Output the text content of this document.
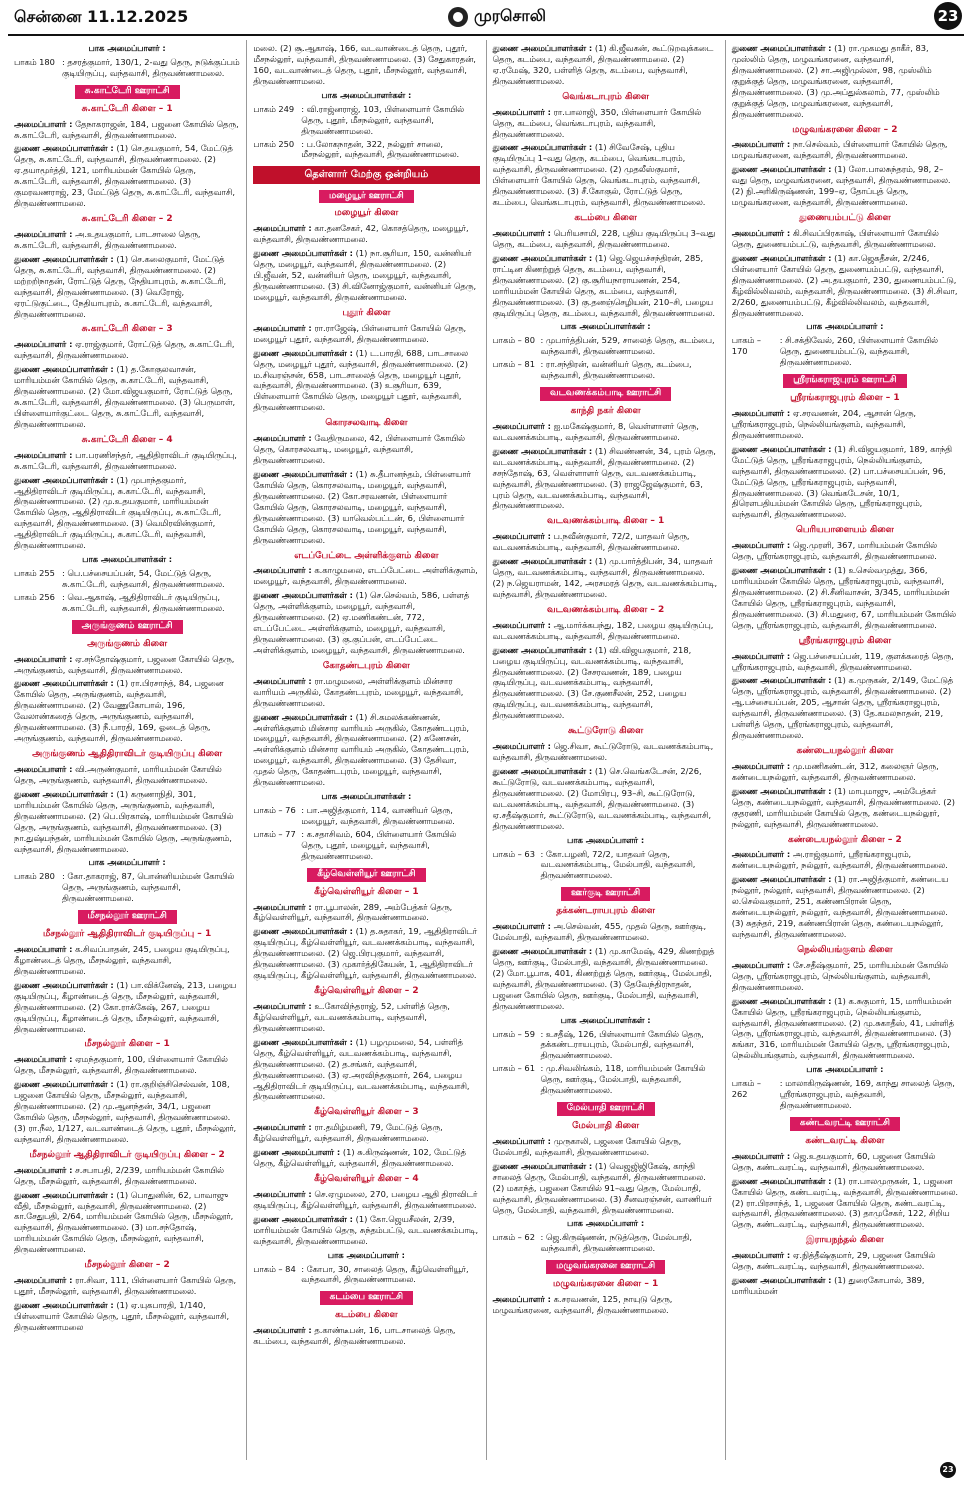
சென்னை 11.12.2025	முரசொலி	23
பாக அமைப்பாளர் :
பாகம் 180 : தசரத்குமார், 130/1, 2-வது தெரு, நடுக்குப்பம் குடியிருப்பு, வந்தவாசி, திருவண்ணாமலை.
சு.காட்டேரி ஊராட்சி
சு.காட்டேரி கிளை – 1
அமைப்பாளர் : தேநாகராஜன், 184, பஜனை கோயில் தெரு, சு.காட்டேரி, வந்தவாசி, திருவண்ணாமலை.
துணை அமைப்பாளர்கள் : (1) செ.தயகுமார், 54, மேட்டுத் தெரு, சு.காட்டேரி, வந்தவாசி, திருவண்ணாமலை. (2) ஏ.தயாமூர்த்தி, 121, மாரியம்மன் கோயில் தெரு, சு.காட்டேரி, வந்தவாசி, திருவண்ணாமலை. (3) குமரவணராஜ், 23, மேட்டுத் தெரு, சு.காட்டேரி, வந்தவாசி, திருவண்ணாமலை.
சு.காட்டேரி கிளை – 2
அமைப்பாளர் : அ.உதயகுமார், பாடசாலை தெரு, சு.காட்டேரி, வந்தவாசி, திருவண்ணாமலை.
துணை அமைப்பாளர்கள் : (1) செ.கலைகுமார், மேட்டுத் தெரு, சு.காட்டேரி, வந்தவாசி, திருவண்ணாமலை. (2) மற்றறிநாதன், ரோட்டுத் தெரு, நேதியாபுரம், சு.காட்டேரி, வந்தவாசி, திருவண்ணாமலை. (3) வெரோஜ், ஏரட்டுகுட்டை, நேதியாபுரம், சு.காட்டேரி, வந்தவாசி, திருவண்ணாமலை.
சு.காட்டேரி கிளை – 3
அமைப்பாளர் : ஏ.ராஜ்குமார், ரோட்டுத் தெரு, சு.காட்டேரி, வந்தவாசி, திருவண்ணாமலை.
துணை அமைப்பாளர்கள் : (1) த.கோகுலவாசன், மாரியம்மன் கோயில் தெரு, சு.காட்டேரி, வந்தவாசி, திருவண்ணாமலை. (2) மோ.விஜயகுமார், ரோட்டுத் தெரு, சு.காட்டேரி, வந்தவாசி, திருவண்ணாமலை. (3) பெருமாள், பிள்ளையார்குட்டை தெரு, சு.காட்டேரி, வந்தவாசி, திருவண்ணாமலை.
சு.காட்டேரி கிளை – 4
அமைப்பாளர் : பா.பரணிசந்தர், ஆதிதிராவிடர் குடியிருப்பு, சு.காட்டேரி, வந்தவாசி, திருவண்ணாமலை.
துணை அமைப்பாளர்கள் : (1) முபாந்தகுமார், ஆதிதிராவிடர் குடியிருப்பு, சு.காட்டேரி, வந்தவாசி, திருவண்ணாமலை. (2) மு.உதயகுமார், மாரியம்மன் கோயில் தெரு, ஆதிதிராவிடர் குடியிருப்பு, சு.காட்டேரி, வந்தவாசி, திருவண்ணாமலை. (3) வெமிரவின்குமார், ஆதிதிராவிடர் குடியிருப்பு, சு.காட்டேரி, வந்தவாசி, திருவண்ணாமலை.
பாக அமைப்பாளர்கள் :
பாகம் 255 : பெ.பச்சையப்பன், 54, மேட்டுத் தெரு, சு.காட்டேரி, வந்தவாசி, திருவண்ணாமலை.
பாகம் 256 : வெ.ஆகாஷ், ஆதிதிராவிடர் குடியிருப்பு, சு.காட்டேரி, வந்தவாசி, திருவண்ணாமலை.
அருங்குணம் ஊராட்சி
அருங்குணம் கிளை
அமைப்பாளர் : ஏ.சந்தோஷ்குமார், பஜனை கோயில் தெரு, அருங்குணம், வந்தவாசி, திருவண்ணாமலை.
துணை அமைப்பாளர்கள் : (1) ரா.பிரசாந்த், 84, பஜனை கோயில் தெரு, அருங்குணம், வந்தவாசி, திருவண்ணாமலை. (2) வேணுகோபால், 196, வேலாண்கரைத் தெரு, அருங்குணம், வந்தவாசி, திருவண்ணாமலை. (3) நீ.பாரதி, 169, ஓடைத் தெரு, அருங்குணம், வந்தவாசி, திருவண்ணாமலை.
அருங்குணம் ஆதிதிராவிடர் குடியிருப்பு கிளை
அமைப்பாளர் : வி.அருண்குமார், மாரியம்மன் கோயில் தெரு, அருங்குணம், வந்தவாசி, திருவண்ணாமலை.
துணை அமைப்பாளர்கள் : (1) கருணாநிதி, 301, மாரியம்மன் கோயில் தெரு, அருங்குணம், வந்தவாசி, திருவண்ணாமலை. (2) பெ.பிரகாஷ், மாரியம்மன் கோயில் தெரு, அருங்குணம், வந்தவாசி, திருவண்ணாமலை. (3) நா.துஷ்யந்தன், மாரியம்மன் கோயில் தெரு, அருங்குணம், வந்தவாசி, திருவண்ணாமலை.
பாக அமைப்பாளர் :
பாகம் 280 : கோ.தாகராஜ், 87, பொன்னியம்மன் கோயில் தெரு, அருங்குணம், வந்தவாசி, திருவண்ணாமலை.
மீசநல்லூர் ஊராட்சி
மீசநல்லூர் ஆதிதிராவிடர் குடியிருப்பு – 1
அமைப்பாளர் : க.சிவப்பாதன், 245, பழைய குடியிருப்பு, கீழாண்டைத் தெரு, மீசநல்லூர், வந்தவாசி, திருவண்ணாமலை.
துணை அமைப்பாளர்கள் : (1) பா.விக்னேஷ், 213, பழைய குடியிருப்பு, கீழாண்டைத் தெரு, மீசநல்லூர், வந்தவாசி, திருவண்ணாமலை. (2) கோ.ராக்கேஷ், 267, பழைய குடியிருப்பு, கீழாண்டைத் தெரு, மீசநல்லூர், வந்தவாசி, திருவண்ணாமலை.
மீசநல்லூர் கிளை – 1
அமைப்பாளர் : ஏமந்தகுமார், 100, பிள்ளையார் கோயில் தெரு, மீசநல்லூர், வந்தவாசி, திருவண்ணாமலை.
துணை அமைப்பாளர்கள் : (1) ரா.குறிஞ்சிசெல்வன், 108, பஜனை கோயில் தெரு, மீசநல்லூர், வந்தவாசி, திருவண்ணாமலை. (2) மு.ஆனந்தன், 34/1, பஜனை கோயில் தெரு, மீசநல்லூர், வந்தவாசி, திருவண்ணாமலை. (3) ரா.நீல, 1/127, வடவாண்டைத் தெரு, புதூர், மீசநல்லூர், வந்தவாசி, திருவண்ணாமலை.
மீசநல்லூர் ஆதிதிராவிடர் குடியிருப்பு கிளை – 2
அமைப்பாளர் : ச.சபாபதி, 2/239, மாரியம்மன் கோயில் தெரு, மீசநல்லூர், வந்தவாசி, திருவண்ணாமலை.
துணை அமைப்பாளர்கள் : (1) பொதுனின், 62, பாவாஜு வீதி, மீசநல்லூர், வந்தவாசி, திருவண்ணாமலை. (2) கா.சேதுபதி, 2/64, மாரியம்மன் கோயில் தெரு, மீசநல்லூர், வந்தவாசி, திருவண்ணாமலை. (3) மா.சந்தோஷ், மாரியம்மன் கோயில் தெரு, மீசநல்லூர், வந்தவாசி, திருவண்ணாமலை.
மீசநல்லூர் கிளை – 2
அமைப்பாளர் : ரா.சிவா, 111, பிள்ளையார் கோயில் தெரு, புதூர், மீசநல்லூர், வந்தவாசி, திருவண்ணாமலை.
துணை அமைப்பாளர்கள் : (1) ஏ.யுகபாரதி, 1/140, பிள்ளையார் கோயில் தெரு, புதூர், மீசநல்லூர், வந்தவாசி, திருவண்ணாமலை
மலை. (2) சூ.ஆகாஷ், 166, வடவாண்டைத் தெரு, புதூர், மீசநல்லூர், வந்தவாசி, திருவண்ணாமலை. (3) சேதுகாரதன், 160, வடவாண்டைத் தெரு, புதூர், மீசநல்லூர், வந்தவாசி, திருவண்ணாமலை.
பாக அமைப்பாளர்கள் :
பாகம் 249 : வி.ராஜ்னராஜ், 103, பிள்ளையார் கோயில் தெரு, புதூர், மீசநல்லூர், வந்தவாசி, திருவண்ணாமலை.
பாகம் 250 : ப.லோகநாதன், 322, நல்லூர் சாலை, மீசநல்லூர், வந்தவாசி, திருவண்ணாமலை.
தெள்ளார் மேற்கு ஒன்றியம்
மழையூர் ஊராட்சி
மழையூர் கிளை
அமைப்பாளர் : கா.தனசேகர், 42, கொசத்தெரு, மழையூர், வந்தவாசி, திருவண்ணாமலை.
துணை அமைப்பாளர்கள் : (1) நா.சூரியா, 150, வன்னியர் தெரு, மழையூர், வந்தவாசி, திருவண்ணாமலை. (2) பி.ஜீவன், 52, வன்னியர் தெரு, மழையூர், வந்தவாசி, திருவண்ணாமலை. (3) சி.வினோஜ்குமார், வன்னியர் தெரு, மழையூர், வந்தவாசி, திருவண்ணாமலை.
புதூர் கிளை
அமைப்பாளர் : ரா.ராஜேஷ், பிள்ளையார் கோயில் தெரு, மழையூர் புதூர், வந்தவாசி, திருவண்ணாமலை.
துணை அமைப்பாளர்கள் : (1) ட.பாரதி, 688, பாடசாலை தெரு, மழையூர் புதூர், வந்தவாசி, திருவண்ணாமலை. (2) ம.சிவரஞ்சன், 658, பாடசாலைத் தெரு, மழையூர் புதூர், வந்தவாசி, திருவண்ணாமலை. (3) உசூரியா, 639, பிள்ளையார் கோயில் தெரு, மழையூர் புதூர், வந்தவாசி, திருவண்ணாமலை.
கொரசலவாடி கிளை
அமைப்பாளர் : வேதிருமலை, 42, பிள்ளையார் கோயில் தெரு, கொரசலவாடி, மழையூர், வந்தவாசி, திருவண்ணாமலை.
துணை அமைப்பாளர்கள் : (1) சு.தீபானந்தம், பிள்ளையார் கோயில் தெரு, கொரசலவாடி, மழையூர், வந்தவாசி, திருவண்ணாமலை. (2) கோ.சரவணன், பிள்ளையார் கோயில் தெரு, கொரசலவாடி, மழையூர், வந்தவாசி, திருவண்ணாமலை. (3) யாவெல்பட்டன், 6, பிள்ளையார் கோயில் தெரு, கொரசலவாடி, மழையூர், வந்தவாசி, திருவண்ணாமலை.
எடப்பேட்டை அள்ளிக்குளம் கிளை
அமைப்பாளர் : க.காழுமலை, எடப்பேட்டை அள்ளிக்குளம், மழையூர், வந்தவாசி, திருவண்ணாமலை.
துணை அமைப்பாளர்கள் : (1) செ.செல்வம், 586, பள்ளத் தெரு, அள்ளிக்குளம், மழையூர், வந்தவாசி, திருவண்ணாமலை. (2) ஏ.மணிகண்டன், 772, எடப்பேட்டை அள்ளிக்குளம், மழையூர், வந்தவாசி, திருவண்ணாமலை. (3) கு.குப்பன், எடப்பேட்டை அள்ளிக்குளம், மழையூர், வந்தவாசி, திருவண்ணாமலை.
கோதண்டபுரம் கிளை
அமைப்பாளர் : ரா.மழுமலை, அள்ளிக்குளம் மின்சார வாரியம் அருகில், கோதண்டபுரம், மழையூர், வந்தவாசி, திருவண்ணாமலை.
துணை அமைப்பாளர்கள் : (1) சி.கமலக்கண்ணன், அள்ளிக்குளம் மின்சார வாரியம் அருகில், கோதண்டபுரம், மழையூர், வந்தவாசி, திருவண்ணாமலை. (2) கணேசன், அள்ளிக்குளம் மின்சார வாரியம் அருகில், கோதண்டபுரம், மழையூர், வந்தவாசி, திருவண்ணாமலை. (3) தேசிவா, முதல் தெரு, கோதண்டபுரம், மழையூர், வந்தவாசி, திருவண்ணாமலை.
பாக அமைப்பாளர்கள் :
பாகம் – 76 : பா.அஜித்குமார், 114, வாணியர் தெரு, மழையூர், வந்தவாசி, திருவண்ணாமலை.
பாகம் – 77 : க.சதாசிவம், 604, பிள்ளையார் கோயில் தெரு, புதூர், மழையூர், வந்தவாசி, திருவண்ணாமலை.
கீழ்வெள்ளியூர் ஊராட்சி
கீழ்வெள்ளியூர் கிளை – 1
அமைப்பாளர் : ரா.பூபாலன், 289, அம்பேத்கர் தெரு, கீழ்வெள்ளியூர், வந்தவாசி, திருவண்ணாமலை.
துணை அமைப்பாளர்கள் : (1) த.சுதாகர், 19, ஆதிதிராவிடர் குடியிருப்பு, கீழ்வெள்ளியூர், வடவணக்கம்பாடி, வந்தவாசி, திருவண்ணாமலை. (2) ஜெ.பிரபுகுமார், வந்தவாசி, திருவண்ணாமலை. (3) முகார்த்திகேயன், 1, ஆதிதிராவிடர் குடியிருப்பு, கீழ்வெள்ளியூர், வந்தவாசி, திருவண்ணாமலை.
கீழ்வெள்ளியூர் கிளை – 2
அமைப்பாளர் : உ.கோவிந்தராஜ், 52, பள்ளித் தெரு, கீழ்வெள்ளியூர், வடவணக்கம்பாடி, வந்தவாசி, திருவண்ணாமலை.
துணை அமைப்பாளர்கள் : (1) பழமுமலை, 54, பள்ளித் தெரு, கீழ்வெள்ளியூர், வடவணக்கம்பாடி, வந்தவாசி, திருவண்ணாமலை. (2) த.சங்கர், வந்தவாசி, திருவண்ணாமலை. (3) ஏ.அரவிந்தகுமார், 264, பழைய ஆதிதிராவிடர் குடியிருப்பு, வடவணக்கம்பாடி, வந்தவாசி, திருவண்ணாமலை.
கீழ்வெள்ளியூர் கிளை – 3
அமைப்பாளர் : ரா.தமிழ்மணி, 79, மேட்டுத் தெரு, கீழ்வெள்ளியூர், வந்தவாசி, திருவண்ணாமலை.
துணை அமைப்பாளர் : (1) சு.கிருஷ்ணன், 102, மேட்டுத் தெரு, கீழ்வெள்ளியூர், வந்தவாசி, திருவண்ணாமலை.
கீழ்வெள்ளியூர் கிளை – 4
அமைப்பாளர் : செ.ஏழுமலை, 270, பழைய ஆதி திராவிடர் குடியிருப்பு, கீழ்வெள்ளியூர், வந்தவாசி, திருவண்ணாமலை.
துணை அமைப்பாளர்கள் : (1) கோ.ஜெயசீலன், 2/39, மாரியம்மன் கோயில் தெரு, சுந்தம்பட்டு, வடவணக்கம்பாடி, வந்தவாசி, திருவண்ணாமலை.
பாக அமைப்பாளர் :
பாகம் – 84 : கோபா, 30, சாலைத் தெரு, கீழ்வெள்ளியூர், வந்தவாசி, திருவண்ணாமலை.
கடம்பை ஊராட்சி
கடம்பை கிளை
அமைப்பாளர் : த.காண்டீபன், 16, பாடசாலைத் தெரு, கடம்பை, வந்தவாசி, திருவண்ணாமலை.
துணை அமைப்பாளர்கள் : (1) கி.ஜீவகன், கூட்டுறவுக்கடை தெரு, கடம்பை, வந்தவாசி, திருவண்ணாமலை. (2) ஏ.ரமேஷ், 320, பள்ளித் தெரு, கடம்பை, வந்தவாசி, திருவண்ணாமலை.
வெங்கடாபுரம் கிளை
அமைப்பாளர் : ரா.பாலாஜி, 350, பிள்ளையார் கோயில் தெரு, கடம்பை, வெங்கடாபுரம், வந்தவாசி, திருவண்ணாமலை.
துணை அமைப்பாளர்கள் : (1) சிவேசேஷ், புதிய குடியிருப்பு 1–வது தெரு, கடம்பை, வெங்கடாபுரம், வந்தவாசி, திருவண்ணாமலை. (2) முதலீஸ்குமார், பிள்ளையார் கோயில் தெரு, வெங்கடாபுரம், வந்தவாசி, திருவண்ணாமலை. (3) சீ.கோகுல், ரோட்டுத் தெரு, கடம்பை, வெங்கடாபுரம், வந்தவாசி, திருவண்ணாமலை.
கடம்பை கிளை
அமைப்பாளர் : பெரியசாமி, 228, புதிய குடியிருப்பு 3–வது தெரு, கடம்பை, வந்தவாசி, திருவண்ணாமலை.
துணை அமைப்பாளர்கள் : (1) ஜெ.ஜெயச்சந்திரன், 285, ராட்டின கிணற்றுத் தெரு, கடம்பை, வந்தவாசி, திருவண்ணாமலை. (2) கு.சூரியநாராயணன், 254, மாரியம்மன் கோயில் தெரு, கடம்பை, வந்தவாசி, திருவண்ணாமலை. (3) கு.தனஞ்செழியன், 210–சி, பழைய குடியிருப்பு தெரு, கடம்பை, வந்தவாசி, திருவண்ணாமலை.
பாக அமைப்பாளர்கள் :
பாகம் – 80 : முபார்த்திபன், 529, சாலைத் தெரு, கடம்பை, வந்தவாசி, திருவண்ணாமலை.
பாகம் – 81 : ரா.சந்திரன், வன்னியர் தெரு, கடம்பை, வந்தவாசி, திருவண்ணாமலை.
வடவணக்கம்பாடி ஊராட்சி
காந்தி நகர் கிளை
அமைப்பாளர் : ஐ.மகேஷ்குமார், 8, வெள்ளாளர் தெரு, வடவணக்கம்பாடி, வந்தவாசி, திருவண்ணாமலை.
துணை அமைப்பாளர்கள் : (1) சிவண்ணன், 34, புரம் தெரு, வடவணக்கம்பாடி, வந்தவாசி, திருவண்ணாமலை. (2) சசந்தோஷ், 63, வெள்ளாளர் தெரு, வடவணக்கம்பாடி, வந்தவாசி, திருவண்ணாமலை. (3) ராஜஜேஷ்குமார், 63, புரம் தெரு, வடவணக்கம்பாடி, வந்தவாசி, திருவண்ணாமலை.
வடவணக்கம்பாடி கிளை – 1
அமைப்பாளர் : ப.நவீன்குமார், 72/2, யாதவர் தெரு, வடவணக்கம்பாடி, வந்தவாசி, திருவண்ணாமலை.
துணை அமைப்பாளர்கள் : (1) மு.பார்த்திபன், 34, யாதவர் தெரு, வடவணக்கம்பாடி, வந்தவாசி, திருவண்ணாமலை. (2) ந.ஜெயராமன், 142, அரசமரத் தெரு, வடவணக்கம்பாடி, வந்தவாசி, திருவண்ணாமலை.
வடவணக்கம்பாடி கிளை – 2
அமைப்பாளர் : ஆ.மார்க்கபந்து, 182, பழைய குடியிருப்பு, வடவணக்கம்பாடி, வந்தவாசி, திருவண்ணாமலை.
துணை அமைப்பாளர்கள் : (1) வி.விஜயகுமார், 218, பழைய குடியிருப்பு, வடவணக்கம்பாடி, வந்தவாசி, திருவண்ணாமலை. (2) சேசரவணன், 189, பழைய குடியிருப்பு, வடவணக்கம்பாடி, வந்தவாசி, திருவண்ணாமலை. (3) சே.குணசீலன், 252, பழைய குடியிருப்பு, வடவணக்கம்பாடி, வந்தவாசி, திருவண்ணாமலை.
கூட்டுரோடு கிளை
அமைப்பாளர் : ஜெ.சிவா, கூட்டுரோடு, வடவணக்கம்பாடி, வந்தவாசி, திருவண்ணாமலை.
துணை அமைப்பாளர்கள் : (1) செ.வெங்கடேசன், 2/26, கூட்டுரோடு, வடவணக்கம்பாடி, வந்தவாசி, திருவண்ணாமலை. (2) மோபிரபு, 93–சி, கூட்டுரோடு, வடவணக்கம்பாடி, வந்தவாசி, திருவண்ணாமலை. (3) ஏ.சதீஷ்குமார், கூட்டுரோடு, வடவணக்கம்பாடி, வந்தவாசி, திருவண்ணாமலை.
பாக அமைப்பாளர் :
பாகம் – 63 : கோ.பழனி, 72/2, யாதவர் தெரு, வடவணக்கம்பாடி, மேல்பாதி, வந்தவாசி, திருவண்ணாமலை.
ஊர்குடி ஊராட்சி
தக்கண்டராயபுரம் கிளை
அமைப்பாளர் : அ.செல்வன், 455, முதல் தெரு, ஊர்குடி, மேல்பாதி, வந்தவாசி, திருவண்ணாமலை.
துணை அமைப்பாளர்கள் : (1) மு.காமேஷ், 429, கிணற்றுத் தெரு, ஊர்குடி, மேல்பாதி, வந்தவாசி, திருவண்ணாமலை. (2) மோ.பூபாக, 401, கிணற்றுத் தெரு, ஊர்குடி, மேல்பாதி, வந்தவாசி, திருவண்ணாமலை. (3) தேவேந்திரநாதன், பஜனை கோயில் தெரு, ஊர்குடி, மேல்பாதி, வந்தவாசி, திருவண்ணாமலை.
பாக அமைப்பாளர்கள் :
பாகம் – 59 : உசதீஷ், 126, பிள்ளையார் கோயில் தெரு, தக்கண்டராயபுரம், மேல்பாதி, வந்தவாசி, திருவண்ணாமலை.
பாகம் – 61 : மு.சிவலிங்கம், 118, மாரியம்மன் கோயில் தெரு, ஊர்குடி, மேல்பாதி, வந்தவாசி, திருவண்ணாமலை.
மேல்பாதி ஊராட்சி
மேல்பாதி கிளை
அமைப்பாளர் : முருகாலி, பஜனை கோயில் தெரு, மேல்பாதி, வந்தவாசி, திருவண்ணாமலை.
துணை அமைப்பாளர்கள் : (1) வெஜஜிஜிகேஷ், காந்தி சாலைத் தெரு, மேல்பாதி, வந்தவாசி, திருவண்ணாமலை. (2) மகாந்த், பஜனை கோயில் 91–வது தெரு, மேல்பாதி, வந்தவாசி, திருவண்ணாமலை. (3) சீனவரஞ்சன், வாணியர் தெரு, மேல்பாதி, வந்தவாசி, திருவண்ணாமலை.
பாக அமைப்பாளர் :
பாகம் – 62 : ஜெ.கிருஷ்ணன், நடுத்தெரு, மேல்பாதி, வந்தவாசி, திருவண்ணாமலை.
மழுவங்கரனை ஊராட்சி
மழுவங்கரனை கிளை – 1
அமைப்பாளர் : க.சரவணன், 125, நாயுடு தெரு, மழுவங்கரனை, வந்தவாசி, திருவண்ணாமலை.
துணை அமைப்பாளர்கள் : (1) ரா.முகமது தாகீர், 83, முஸ்லிம் தெரு, மழுவங்கரனை, வந்தவாசி, திருவண்ணாமலை. (2) சா.அஜிமுல்லா, 98, முஸ்லிம் குறுக்குத் தெரு, மழுவங்கரனை, வந்தவாசி, திருவண்ணாமலை. (3) மு.அப்துல்கலாம், 77, முஸ்லிம் குறுக்குத் தெரு, மழுவங்கரனை, வந்தவாசி, திருவண்ணாமலை.
மழுவங்கரனை கிளை – 2
அமைப்பாளர் : நா.செல்வம், பிள்ளையார் கோயில் தெரு, மழுவங்கரனை, வந்தவாசி, திருவண்ணாமலை.
துணை அமைப்பாளர்கள் : (1) லோ.பாலசுந்தரம், 98, 2–வது தெரு, மழுவங்கரனை, வந்தவாசி, திருவண்ணாமலை. (2) நி.அரிகிருஷ்ணன், 199–ஏ, தோப்புத் தெரு, மழுவங்கரனை, வந்தவாசி, திருவண்ணாமலை.
துணையம்பட்டு கிளை
அமைப்பாளர் : கி.சிவப்பிரகாஷ், பிள்ளையார் கோயில் தெரு, துணையம்பட்டு, வந்தவாசி, திருவண்ணாமலை.
துணை அமைப்பாளர்கள் : (1) கா.ஜெகதீசன், 2/246, பிள்ளையார் கோயில் தெரு, துணையம்பட்டு, வந்தவாசி, திருவண்ணாமலை. (2) அ.தயகுமார், 230, துணையம்பட்டு, கீழ்வில்லிவலம், வந்தவாசி, திருவண்ணாமலை. (3) சி.சிவா, 2/260, துணையம்பட்டு, கீழ்வில்லிவலம், வந்தவாசி, திருவண்ணாமலை.
பாக அமைப்பாளர் :
பாகம் – 170
: சி.சக்திவேல், 260, பிள்ளையார் கோயில் தெரு, துணையம்பட்டு, வந்தவாசி, திருவண்ணாமலை.
ஸ்ரீரங்கராஜபுரம் ஊராட்சி
ஸ்ரீரங்கராஜபுரம் கிளை – 1
அமைப்பாளர் : ஏ.சரவணன், 204, ஆசான் தெரு, ஸ்ரீரங்கராஜபுரம், நெல்லியங்குளம், வந்தவாசி, திருவண்ணாமலை.
துணை அமைப்பாளர்கள் : (1) சி.விஜயகுமார், 189, காந்தி மேட்டுத் தெரு, ஸ்ரீரங்கராஜபுரம், நெல்லியங்குளம், வந்தவாசி, திருவண்ணாமலை. (2) பா.பச்சையப்பன், 96, மேட்டுத் தெரு, ஸ்ரீரங்கராஜபுரம், வந்தவாசி, திருவண்ணாமலை. (3) வெங்கடேசன், 10/1, திரௌபதியம்மன் கோயில் தெரு, ஸ்ரீரங்கராஜபுரம், வந்தவாசி, திருவண்ணாமலை.
பெரியபாளையம் கிளை
அமைப்பாளர் : ஜெ.முரளி, 367, மாரியம்மன் கோயில் தெரு, ஸ்ரீரங்கராஜபுரம், வந்தவாசி, திருவண்ணாமலை.
துணை அமைப்பாளர்கள் : (1) உசெல்வமுத்து, 366, மாரியம்மன் கோயில் தெரு, ஸ்ரீரங்கராஜபுரம், வந்தவாசி, திருவண்ணாமலை. (2) சி.சீனிவாசன், 3/345, மாரியம்மன் கோயில் தெரு, ஸ்ரீரங்கராஜபுரம், வந்தவாசி, திருவண்ணாமலை. (3) சி.மதுரை, 67, மாரியம்மன் கோயில் தெரு, ஸ்ரீரங்கராஜபுரம், வந்தவாசி, திருவண்ணாமலை.
ஸ்ரீரங்கராஜபுரம் கிளை
அமைப்பாளர் : ஜெ.பச்சையப்பன், 119, குளக்கரைத் தெரு, ஸ்ரீரங்கராஜபுரம், வந்தவாசி, திருவண்ணாமலை.
துணை அமைப்பாளர்கள் : (1) க.முருகன், 2/149, மேட்டுத் தெரு, ஸ்ரீரங்கராஜபுரம், வந்தவாசி, திருவண்ணாமலை. (2) ஆ.பச்சையப்பன், 205, ஆசான் தெரு, ஸ்ரீரங்கராஜபுரம், வந்தவாசி, திருவண்ணாமலை. (3) தே.கமலநாதன், 219, பள்ளித் தெரு, ஸ்ரீரங்கராஜபுரம், வந்தவாசி, திருவண்ணாமலை.
கண்டையநல்லூர் கிளை
அமைப்பாளர் : மு.மணிகண்டன், 312, கலைஞர் தெரு, கண்டையநல்லூர், வந்தவாசி, திருவண்ணாமலை.
துணை அமைப்பாளர்கள் : (1) மாபுமாஜு, அம்பேத்கர் தெரு, கண்டையநல்லூர், வந்தவாசி, திருவண்ணாமலை. (2) குதரணி, மாரியம்மன் கோயில் தெரு, கண்டையநல்லூர், நல்லூர், வந்தவாசி, திருவண்ணாமலை.
கண்டையநல்லூர் கிளை – 2
அமைப்பாளர் : அ.ராஜ்குமார், ஸ்ரீரங்கராஜபுரம், கண்டையநல்லூர், நல்லூர், வந்தவாசி, திருவண்ணாமலை.
துணை அமைப்பாளர்கள் : (1) ரா.அஜித்குமார், கண்டைய நல்லூர், நல்லூர், வந்தவாசி, திருவண்ணாமலை. (2) ல.செல்வகுமார், 251, கண்ணபிரான் தெரு, கண்டையநல்லூர், நல்லூர், வந்தவாசி, திருவண்ணாமலை. (3) சுதந்தர், 219, கண்ணபிரான் தெரு, கண்டையநல்லூர், வந்தவாசி, திருவண்ணாமலை.
நெல்லியங்குளம் கிளை
அமைப்பாளர் : சே.சதீஷ்குமார், 25, மாரியம்மன் கோயில் தெரு, ஸ்ரீரங்கராஜபுரம், நெல்லியங்குளம், வந்தவாசி, திருவண்ணாமலை.
துணை அமைப்பாளர்கள் : (1) க.சுகுமார், 15, மாரியம்மன் கோயில் தெரு, ஸ்ரீரங்கராஜபுரம், நெல்லியங்குளம், வந்தவாசி, திருவண்ணாமலை. (2) மு.சுகாதீஸ், 41, பள்ளித் தெரு, ஸ்ரீரங்கராஜபுரம், வந்தவாசி, திருவண்ணாமலை. (3) கங்கா, 316, மாரியம்மன் கோயில் தெரு, ஸ்ரீரங்கராஜபுரம், நெல்லியங்குளம், வந்தவாசி, திருவண்ணாமலை.
பாக அமைப்பாளர் :
பாகம் – 262
: மாலாகிருஷ்ணன், 169, காந்து சாலைத் தெரு, ஸ்ரீரங்கராஜபுரம், வந்தவாசி, திருவண்ணாமலை.
கண்டவரட்டி ஊராட்சி
கண்டவரட்டி கிளை
அமைப்பாளர் : ஜெ.உதயகுமார், 60, பஜனை கோயில் தெரு, கண்டவரட்டி, வந்தவாசி, திருவண்ணாமலை.
துணை அமைப்பாளர்கள் : (1) ரா.பாலமுருகன், 1, பஜனை கோயில் தெரு, கண்டவரட்டி, வந்தவாசி, திருவண்ணாமலை. (2) ரா.பிரசாந்த், 1, பஜனை கோயில் தெரு, கண்டவரட்டி, வந்தவாசி, திருவண்ணாமலை. (3) தாமுசேகர், 122, சிறிய தெரு, கண்டவரட்டி, வந்தவாசி, திருவண்ணாமலை.
இராயநந்தல் கிளை
அமைப்பாளர் : ஏ.நித்தீஷ்குமார், 29, பஜனை கோயில் தெரு, கண்டவரட்டி, வந்தவாசி, திருவண்ணாமலை.
துணை அமைப்பாளர்கள் : (1) துரைகோபால், 389, மாரியம்மன்
23
